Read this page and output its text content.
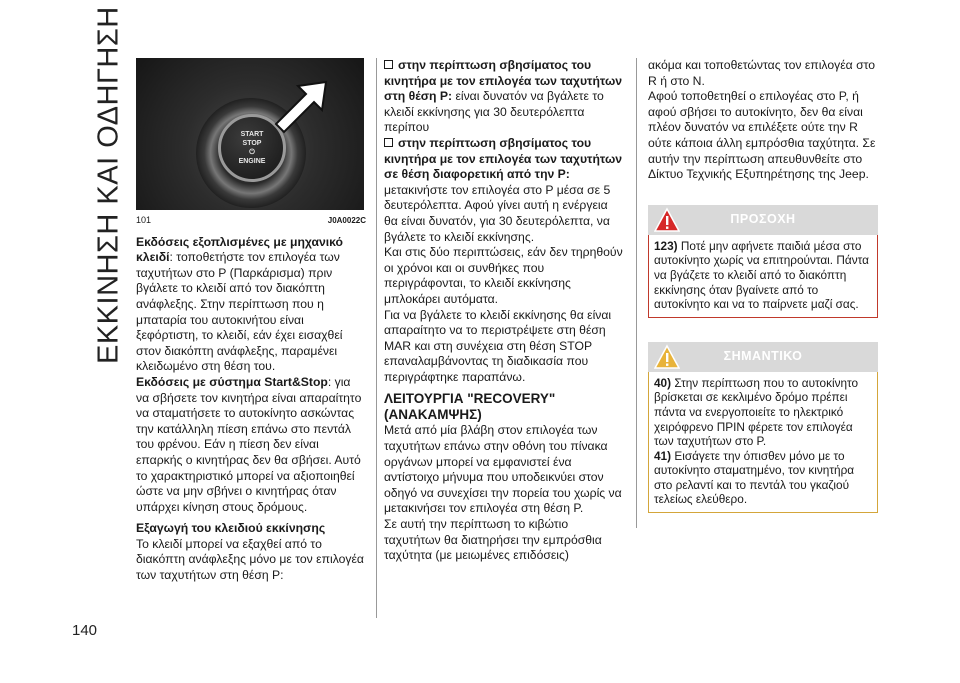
ΕΚΚΙΝΗΣΗ ΚΑΙ ΟΔΗΓΗΣΗ
140
START
STOP
⏻
ENGINE
101	J0A0022C

Εκδόσεις εξοπλισμένες με μηχανικό κλειδί: τοποθετήστε τον επιλογέα των ταχυτήτων στο P (Παρκάρισμα) πριν βγάλετε το κλειδί από τον διακόπτη ανάφλεξης. Στην περίπτωση που η μπαταρία του αυτοκινήτου είναι ξεφόρτιστη, το κλειδί, εάν έχει εισαχθεί στον διακόπτη ανάφλεξης, παραμένει κλειδωμένο στη θέση του.

Εκδόσεις με σύστημα Start&Stop: για να σβήσετε τον κινητήρα είναι απαραίτητο να σταματήσετε το αυτοκίνητο ασκώντας την κατάλληλη πίεση επάνω στο πεντάλ του φρένου. Εάν η πίεση δεν είναι επαρκής ο κινητήρας δεν θα σβήσει. Αυτό το χαρακτηριστικό μπορεί να αξιοποιηθεί ώστε να μην σβήνει ο κινητήρας όταν υπάρχει κίνηση στους δρόμους.

Εξαγωγή του κλειδιού εκκίνησης

Το κλειδί μπορεί να εξαχθεί από το διακόπτη ανάφλεξης μόνο με τον επιλογέα των ταχυτήτων στη θέση P:

στην περίπτωση σβησίματος του κινητήρα με τον επιλογέα των ταχυτήτων στη θέση P: είναι δυνατόν να βγάλετε το κλειδί εκκίνησης για 30 δευτερόλεπτα περίπου

στην περίπτωση σβησίματος του κινητήρα με τον επιλογέα των ταχυτήτων σε θέση διαφορετική από την P: μετακινήστε τον επιλογέα στο P μέσα σε 5 δευτερόλεπτα. Αφού γίνει αυτή η ενέργεια θα είναι δυνατόν, για 30 δευτερόλεπτα, να βγάλετε το κλειδί εκκίνησης.

Και στις δύο περιπτώσεις, εάν δεν τηρηθούν οι χρόνοι και οι συνθήκες που περιγράφονται, το κλειδί εκκίνησης μπλοκάρει αυτόματα.

Για να βγάλετε το κλειδί εκκίνησης θα είναι απαραίτητο να το περιστρέψετε στη θέση MAR και στη συνέχεια στη θέση STOP επαναλαμβάνοντας τη διαδικασία που περιγράφτηκε παραπάνω.

ΛΕΙΤΟΥΡΓΙΑ "RECOVERY" (ΑΝΑΚΑΜΨΗΣ)

Μετά από μία βλάβη στον επιλογέα των ταχυτήτων επάνω στην οθόνη του πίνακα οργάνων μπορεί να εμφανιστεί ένα αντίστοιχο μήνυμα που υποδεικνύει στον οδηγό να συνεχίσει την πορεία του χωρίς να μετακινήσει τον επιλογέα στη θέση P.

Σε αυτή την περίπτωση το κιβώτιο ταχυτήτων θα διατηρήσει την εμπρόσθια ταχύτητα (με μειωμένες επιδόσεις)

ακόμα και τοποθετώντας τον επιλογέα στο R ή στο N.

Αφού τοποθετηθεί ο επιλογέας στο P, ή αφού σβήσει το αυτοκίνητο, δεν θα είναι πλέον δυνατόν να επιλέξετε ούτε την R ούτε κάποια άλλη εμπρόσθια ταχύτητα. Σε αυτήν την περίπτωση απευθυνθείτε στο Δίκτυο Τεχνικής Εξυπηρέτησης της Jeep.

ΠΡΟΣΟΧΗ
123) Ποτέ μην αφήνετε παιδιά μέσα στο αυτοκίνητο χωρίς να επιτηρούνται. Πάντα να βγάζετε το κλειδί από το διακόπτη εκκίνησης όταν βγαίνετε από το αυτοκίνητο και να το παίρνετε μαζί σας.
ΣΗΜΑΝΤΙΚΟ
40) Στην περίπτωση που το αυτοκίνητο βρίσκεται σε κεκλιμένο δρόμο πρέπει πάντα να ενεργοποιείτε το ηλεκτρικό χειρόφρενο ΠΡΙΝ φέρετε τον επιλογέα των ταχυτήτων στο P.
41) Εισάγετε την όπισθεν μόνο με το αυτοκίνητο σταματημένο, τον κινητήρα στο ρελαντί και το πεντάλ του γκαζιού τελείως ελεύθερο.
